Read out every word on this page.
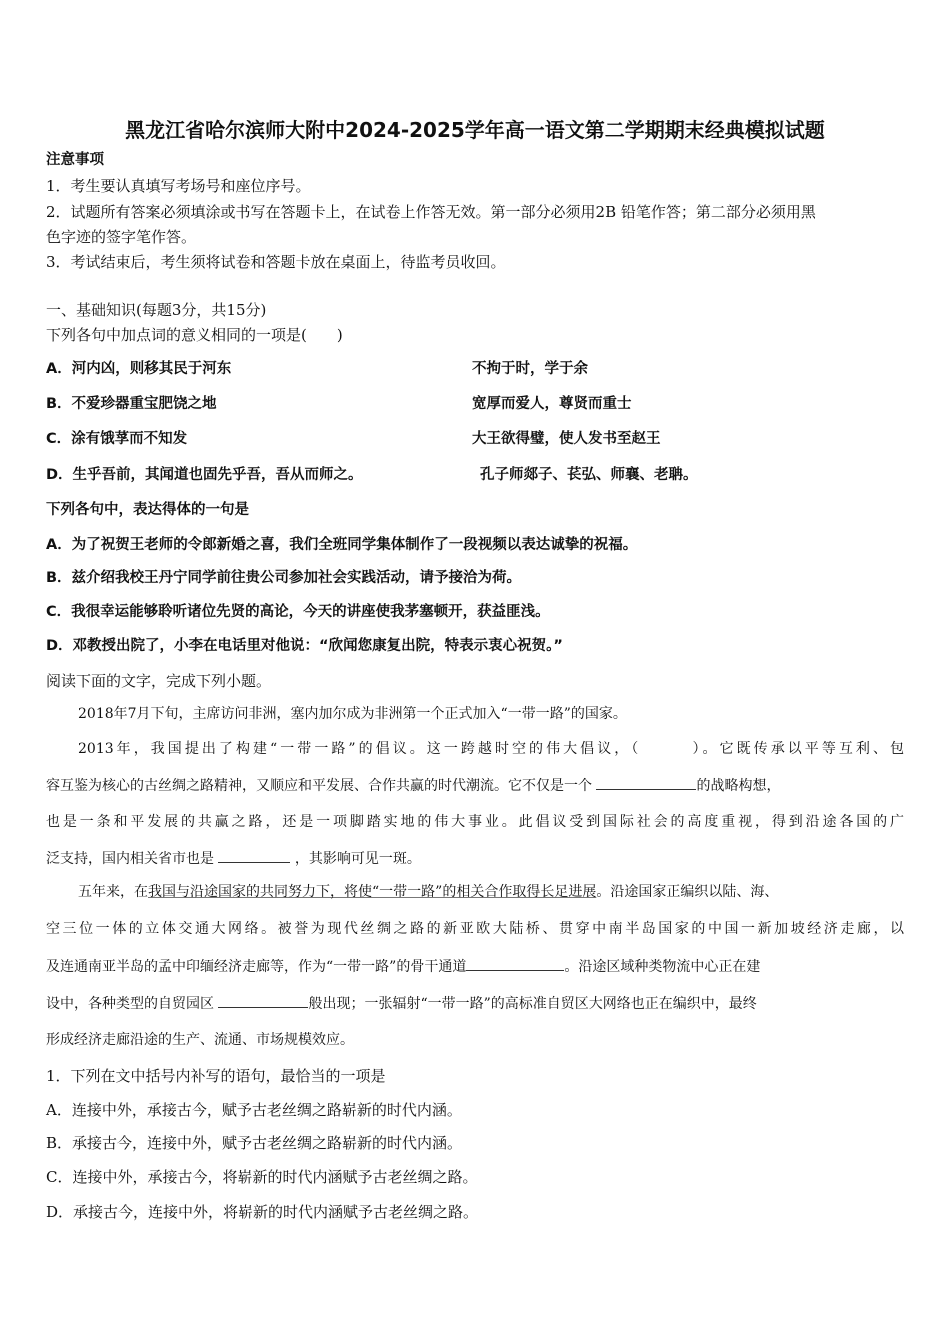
黑龙江省哈尔滨师大附中2024-2025学年高一语文第二学期期末经典模拟试题
注意事项
1．考生要认真填写考场号和座位序号。
2．试题所有答案必须填涂或书写在答题卡上，在试卷上作答无效。第一部分必须用2B 铅笔作答；第二部分必须用黑
色字迹的签字笔作答。
3．考试结束后，考生须将试卷和答题卡放在桌面上，待监考员收回。
一、基础知识(每题3分，共15分)
下列各句中加点词的意义相同的一项是(　　)
A．河内凶，则移其民于河东	不拘于时，学于余
B．不爱珍器重宝肥饶之地	宽厚而爱人，尊贤而重士
C．涂有饿莩而不知发	大王欲得璧，使人发书至赵王
D．生乎吾前，其闻道也固先乎吾，吾从而师之。	孔子师郯子、苌弘、师襄、老聃。
下列各句中，表达得体的一句是
A．为了祝贺王老师的令郎新婚之喜，我们全班同学集体制作了一段视频以表达诚挚的祝福。
B．兹介绍我校王丹宁同学前往贵公司参加社会实践活动，请予接洽为荷。
C．我很幸运能够聆听诸位先贤的高论，今天的讲座使我茅塞顿开，获益匪浅。
D．邓教授出院了，小李在电话里对他说：“欣闻您康复出院，特表示衷心祝贺。”
阅读下面的文字，完成下列小题。
2018年7月下旬，主席访问非洲，塞内加尔成为非洲第一个正式加入“一带一路”的国家。
2013年，我国提出了构建“一带一路”的倡议。这一跨越时空的伟大倡议，（　　　）。它既传承以平等互利、包
容互鉴为核心的古丝绸之路精神，又顺应和平发展、合作共赢的时代潮流。它不仅是一个	的战略构想，
也是一条和平发展的共赢之路，还是一项脚踏实地的伟大事业。此倡议受到国际社会的高度重视，得到沿途各国的广
泛支持，国内相关省市也是	，其影响可见一斑。
五年来，在我国与沿途国家的共同努力下，将使“一带一路”的相关合作取得长足进展。沿途国家正编织以陆、海、
空三位一体的立体交通大网络。被誉为现代丝绸之路的新亚欧大陆桥、贯穿中南半岛国家的中国一新加坡经济走廊，以
及连通南亚半岛的孟中印缅经济走廊等，作为“一带一路”的骨干通道	。沿途区域种类物流中心正在建
设中，各种类型的自贸园区	般出现；一张辐射“一带一路”的高标准自贸区大网络也正在编织中，最终
形成经济走廊沿途的生产、流通、市场规模效应。
1．下列在文中括号内补写的语句，最恰当的一项是
A．连接中外，承接古今，赋予古老丝绸之路崭新的时代内涵。
B．承接古今，连接中外，赋予古老丝绸之路崭新的时代内涵。
C．连接中外，承接古今，将崭新的时代内涵赋予古老丝绸之路。
D．承接古今，连接中外，将崭新的时代内涵赋予古老丝绸之路。
